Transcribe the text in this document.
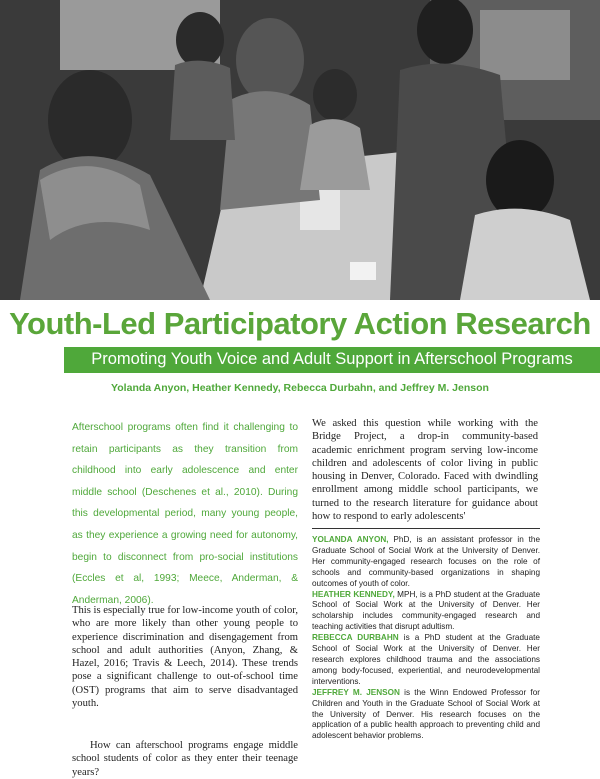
Youth-Led Participatory Action Research
Promoting Youth Voice and Adult Support in Afterschool Programs
Yolanda Anyon, Heather Kennedy, Rebecca Durbahn, and Jeffrey M. Jenson
Afterschool programs often find it challenging to retain participants as they transition from childhood into early adolescence and enter middle school (Deschenes et al., 2010). During this developmental period, many young people, as they experience a growing need for autonomy, begin to disconnect from pro-social institutions (Eccles et al, 1993; Meece, Anderman, & Anderman, 2006).
This is especially true for low-income youth of color, who are more likely than other young people to experience discrimination and disengagement from school and adult authorities (Anyon, Zhang, & Hazel, 2016; Travis & Leech, 2014). These trends pose a significant challenge to out-of-school time (OST) programs that aim to serve disadvantaged youth.
How can afterschool programs engage middle school students of color as they enter their teenage years?
We asked this question while working with the Bridge Project, a drop-in community-based academic enrichment program serving low-income children and adolescents of color living in public housing in Denver, Colorado. Faced with dwindling enrollment among middle school participants, we turned to the research literature for guidance about how to respond to early adolescents'

YOLANDA ANYON, PhD, is an assistant professor in the Graduate School of Social Work at the University of Denver. Her community-engaged research focuses on the role of schools and community-based organizations in shaping outcomes of youth of color.

HEATHER KENNEDY, MPH, is a PhD student at the Graduate School of Social Work at the University of Denver. Her scholarship includes community-engaged research and teaching activities that disrupt adultism.

REBECCA DURBAHN is a PhD student at the Graduate School of Social Work at the University of Denver. Her research explores childhood trauma and the associations among body-focused, experiential, and neurodevelopmental interventions.

JEFFREY M. JENSON is the Winn Endowed Professor for Children and Youth in the Graduate School of Social Work at the University of Denver. His research focuses on the application of a public health approach to preventing child and adolescent behavior problems.
